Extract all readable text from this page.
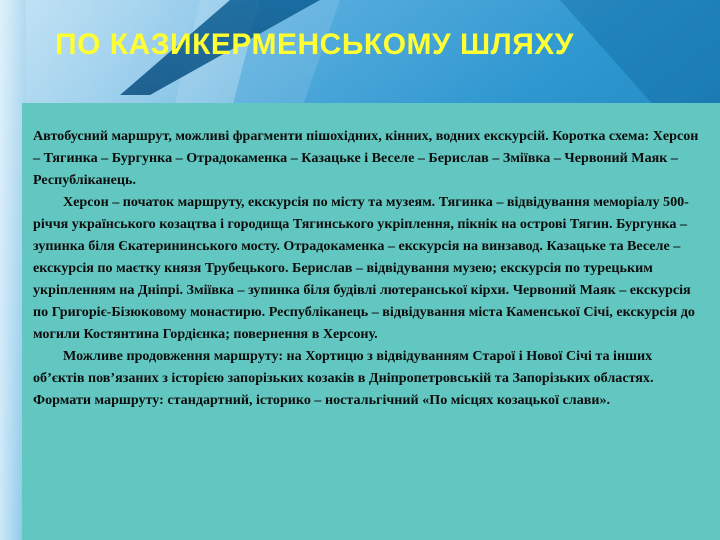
ПО КАЗИКЕРМЕНСЬКОМУ ШЛЯХУ

Автобусний маршрут, можливі фрагменти пішохідних, кінних, водних екскурсій. Коротка схема: Херсон – Тягинка – Бургунка – Отрадокаменка – Казацьке і Веселе – Берислав – Зміївка – Червоний Маяк – Республіканець.

Херсон – початок маршруту, екскурсія по місту та музеям. Тягинка – відвідування меморіалу 500-річчя українського козацтва і городища Тягинського укріплення, пікнік на острові Тягин. Бургунка – зупинка біля Єкатерининського мосту. Отрадокаменка – екскурсія на винзавод. Казацьке та Веселе – екскурсія по маєтку князя Трубецького. Берислав – відвідування музею; екскурсія по турецьким укріпленням на Дніпрі. Зміївка – зупинка біля будівлі лютеранської кірхи. Червоний Маяк – екскурсія по Григоріє-Бізюковому монастирю. Республіканець – відвідування міста Каменської Січі, екскурсія до могили Костянтина Гордієнка; повернення в Херсону.

Можливе продовження маршруту: на Хортицю з відвідуванням Старої і Нової Січі та інших об’єктів пов’язаних з історією запорізьких козаків в Дніпропетровській та Запорізьких областях. Формати маршруту: стандартний, історико – ностальгічний «По місцях козацької слави».
